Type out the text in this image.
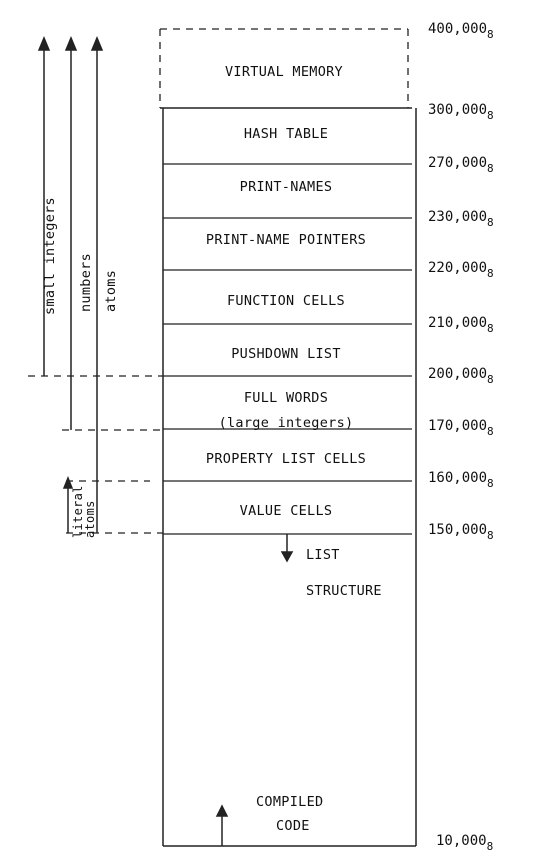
VIRTUAL MEMORY
HASH TABLE
PRINT-NAMES
PRINT-NAME POINTERS
FUNCTION CELLS
PUSHDOWN LIST
FULL WORDS
(large integers)
PROPERTY LIST CELLS
VALUE CELLS
LIST
STRUCTURE
COMPILED
CODE
$400,000_8$
$300,000_8$
$270,000_8$
$230,000_8$
$220,000_8$
$210,000_8$
$200,000_8$
$170,000_8$
$160,000_8$
$150,000_8$
$10,000_8$
small integers numbers atoms
literal atoms
